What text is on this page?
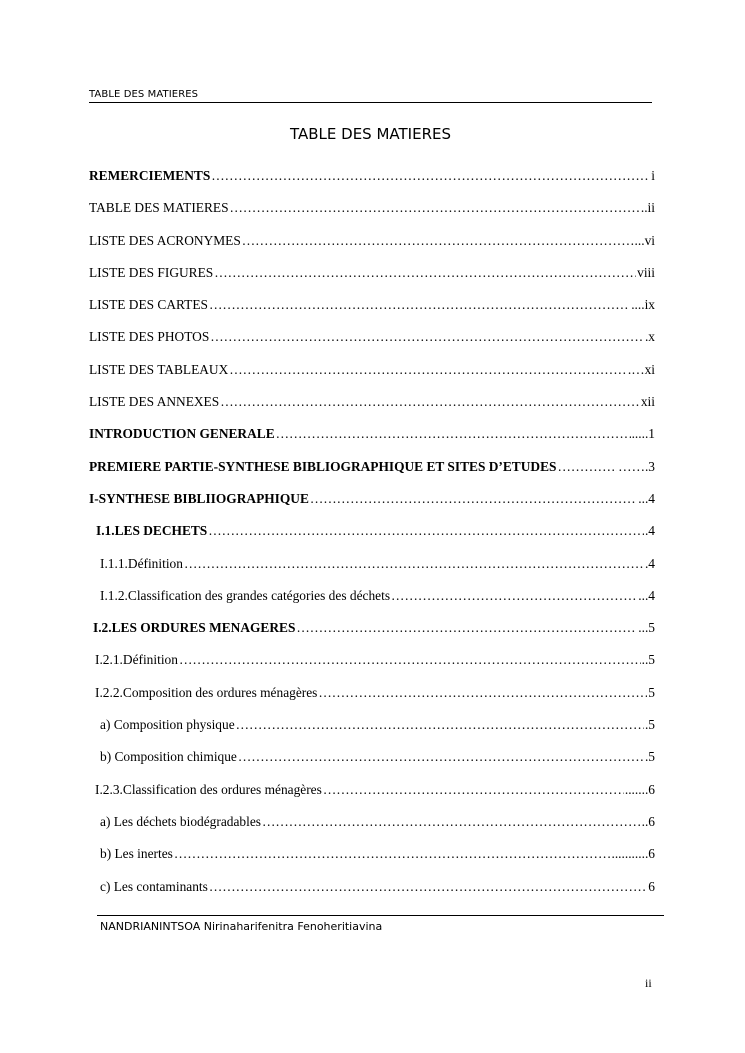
TABLE DES MATIERES
TABLE DES MATIERES
REMERCIEMENTS ………………………………………………………………………………………………………………………………………………………………………………………………	i
TABLE DES MATIERES ………………………………………………………………………………………………………………………………………………………………………………………………	..ii
LISTE DES ACRONYMES ………………………………………………………………………………………………………………………………………………………………………………………………	...vi
LISTE DES FIGURES ………………………………………………………………………………………………………………………………………………………………………………………………	viii
LISTE DES CARTES ………………………………………………………………………………………………………………………………………………………………………………………………	....ix
LISTE DES PHOTOS ………………………………………………………………………………………………………………………………………………………………………………………………	.x
LISTE DES TABLEAUX ………………………………………………………………………………………………………………………………………………………………………………………………	.…xi
LISTE DES ANNEXES ………………………………………………………………………………………………………………………………………………………………………………………………	xii
INTRODUCTION GENERALE ………………………………………………………………………………………………………………………………………………………………………………………………	.....1
PREMIERE PARTIE-SYNTHESE BIBLIOGRAPHIQUE ET SITES D’ETUDES ………………………………………………………………………………………………………………………………………………………………………………………………	…….3
I-SYNTHESE BIBLIIOGRAPHIQUE ………………………………………………………………………………………………………………………………………………………………………………………………	...4
I.1.LES DECHETS ………………………………………………………………………………………………………………………………………………………………………………………………	.4
I.1.1.Définition ………………………………………………………………………………………………………………………………………………………………………………………………	.4
I.1.2.Classification des grandes catégories des déchets ………………………………………………………………………………………………………………………………………………………………………………………………	...4
I.2.LES ORDURES MENAGERES ………………………………………………………………………………………………………………………………………………………………………………………………	...5
I.2.1.Définition ………………………………………………………………………………………………………………………………………………………………………………………………	..5
I.2.2.Composition des ordures ménagères ………………………………………………………………………………………………………………………………………………………………………………………………	5
a) Composition physique ………………………………………………………………………………………………………………………………………………………………………………………………	.5
b) Composition chimique ………………………………………………………………………………………………………………………………………………………………………………………………	.5
I.2.3.Classification des ordures ménagères ………………………………………………………………………………………………………………………………………………………………………………………………	.......6
a) Les déchets biodégradables ………………………………………………………………………………………………………………………………………………………………………………………………	..6
b) Les inertes ………………………………………………………………………………………………………………………………………………………………………………………………	...........6
c) Les contaminants ………………………………………………………………………………………………………………………………………………………………………………………………	6
NANDRIANINTSOA Nirinaharifenitra Fenoheritiavina
ii
